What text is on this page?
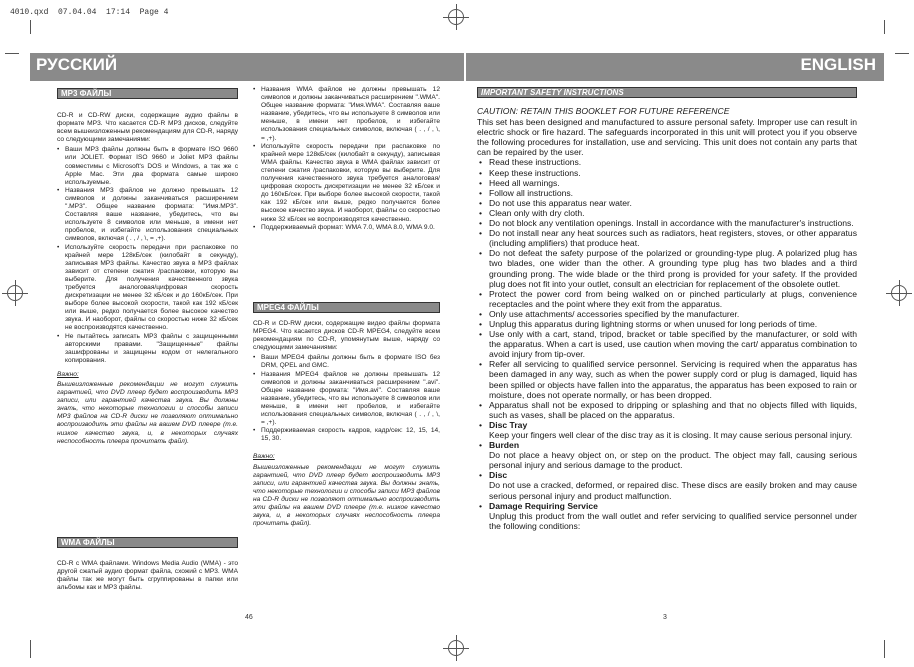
4010.qxd  07.04.04  17:14  Page 4
РУССКИЙ	ENGLISH
MP3 ФАЙЛЫ

CD-R и CD-RW диски, содержащие аудио файлы в формате MP3. Что касается CD-R MP3 дисков, следуйте всем вышеизложенным рекомендациям для CD-R, наряду со следующими замечаниями:

• Ваши MP3 файлы должны быть в формате ISO 9660 или JOLIET. Формат ISO 9660 и Joliet MP3 файлы совместимы с Microsoft's DOS и Windows, а так же с Apple Mac. Эти два формата самые широко используемые.
• Названия MP3 файлов не должно превышать 12 символов и должны заканчиваться расширением ".MP3". Общее название формата: "Имя.MP3". Составляя ваше название, убедитесь, что вы используете 8 символов или меньше, в имени нет пробелов, и избегайте использования специальных символов, включая ( . , / , \, = ,+).
• Используйте скорость передачи при распаковке по крайней мере 128кБ/сек (килобайт в секунду), записывая MP3 файлы. Качество звука в MP3 файлах зависит от степени сжатия /распаковки, которую вы выберите. Для получения качественного звука требуется аналоговая/цифровая скорость дискретизации не менее 32 кБ/сек и до 160кБ/сек. При выборе более высокой скорости, такой как 192 кБ/сек или выше, редко получается более высокое качество звука. И наоборот, файлы со скоростью ниже 32 кБ/сек не воспроизводятся качественно.
• Не пытайтесь записать MP3 файлы с защищенными авторскими правами. "Защищенные" файлы зашифрованы и защищены кодом от нелегального копирования.

Важно:

Вышеизложенные рекомендации не могут служить гарантией, что DVD плеер будет воспроизводить MP3 записи, или гарантией качества звука. Вы должны знать, что некоторые технологии и способы записи MP3 файлов на CD-R диски не позволяют оптимально воспроизводить эти файлы на вашем DVD плеере (т.е. низкое качество звука, и, в некоторых случаях неспособность плеера прочитать файл).

WMA ФАЙЛЫ

CD-R с WMA файлами. Windows Media Audio (WMA) - это другой сжатый аудио формат файла, схожий с MP3. WMA файлы так же могут быть сгруппированы в папки или альбомы как и MP3 файлы.

• Названия WMA файлов не должны превышать 12 символов и должны заканчиваться расширением ".WMA". Общее название формата: "Имя.WMA". Составляя ваше название, убедитесь, что вы используете 8 символов или меньше, в имени нет пробелов, и избегайте использования специальных символов, включая ( . , / , \, = ,+).
• Используйте скорость передачи при распаковке по крайней мере 128кБ/сек (килобайт в секунду), записывая WMA файлы. Качество звука в WMA файлах зависит от степени сжатия /распаковки, которую вы выберите. Для получения качественного звука требуется аналоговая/цифровая скорость дискретизации не менее 32 кБ/сек и до 160кБ/сек. При выборе более высокой скорости, такой как 192 кБ/сек или выше, редко получается более высокое качество звука. И наоборот, файлы со скоростью ниже 32 кБ/сек не воспроизводятся качественно.
• Поддерживаемый формат: WMA 7.0, WMA 8.0, WMA 9.0.
MPEG4 ФАЙЛЫ

CD-R и CD-RW диски, содержащие видео файлы формата MPEG4. Что касается дисков CD-R MPEG4, следуйте всем рекомендациям по CD-R, упомянутым выше, наряду со следующими замечаниями:

• Ваши MPEG4 файлы должны быть в формате ISO без DRM, QPEL and GMC.
• Названия MPEG4 файлов не должны превышать 12 символов и должны заканчиваться расширением ".avi". Общее название формата: "Имя.avi". Составляя ваше название, убедитесь, что вы используете 8 символов или меньше, в имени нет пробелов, и избегайте использования специальных символов, включая ( . , / , \, = ,+).
• Поддерживаемая скорость кадров, кадр/сек: 12, 15, 14, 15, 30.

Важно:

Вышеизложенные рекомендации не могут служить гарантией, что DVD плеер будет воспроизводить MP3 записи, или гарантией качества звука. Вы должны знать, что некоторые технологии и способы записи MP3 файлов на CD-R диски не позволяют оптимально воспроизводить эти файлы на вашем DVD плеере (т.е. низкое качество звука, и, в некоторых случаях неспособность плеера прочитать файл).

IMPORTANT SAFETY INSTRUCTIONS

CAUTION: RETAIN THIS BOOKLET FOR FUTURE REFERENCE

This set has been designed and manufactured to assure personal safety. Improper use can result in electric shock or fire hazard. The safeguards incorporated in this unit will protect you if you observe the following procedures for installation, use and servicing. This unit does not contain any parts that can be repaired by the user.

• Read these instructions.
• Keep these instructions.
• Heed all warnings.
• Follow all instructions.
• Do not use this apparatus near water.
• Clean only with dry cloth.
• Do not block any ventilation openings. Install in accordance with the manufacturer's instructions.
• Do not install near any heat sources such as radiators, heat registers, stoves, or other apparatus (including amplifiers) that produce heat.
• Do not defeat the safety purpose of the polarized or grounding-type plug. A polarized plug has two blades, one wider than the other. A grounding type plug has two blades and a third grounding prong. The wide blade or the third prong is provided for your safety. If the provided plug does not fit into your outlet, consult an electrician for replacement of the obsolete outlet.
• Protect the power cord from being walked on or pinched particularly at plugs, convenience receptacles and the point where they exit from the apparatus.
• Only use attachments/ accessories specified by the manufacturer.
• Unplug this apparatus during lightning storms or when unused for long periods of time.
• Use only with a cart, stand, tripod, bracket or table specified by the manufacturer, or sold with the apparatus. When a cart is used, use caution when moving the cart/ apparatus combination to avoid injury from tip-over.
• Refer all servicing to qualified service personnel. Servicing is required when the apparatus has been damaged in any way, such as when the power supply cord or plug is damaged, liquid has been spilled or objects have fallen into the apparatus, the apparatus has been exposed to rain or moisture, does not operate normally, or has been dropped.
• Apparatus shall not be exposed to dripping or splashing and that no objects filled with liquids, such as vases, shall be placed on the apparatus.
• Disc Tray
Keep your fingers well clear of the disc tray as it is closing. It may cause serious personal injury.
• Burden
Do not place a heavy object on, or step on the product. The object may fall, causing serious personal injury and serious damage to the product.
• Disc
Do not use a cracked, deformed, or repaired disc. These discs are easily broken and may cause serious personal injury and product malfunction.
• Damage Requiring Service
Unplug this product from the wall outlet and refer servicing to qualified service personnel under the following conditions:
46	3
